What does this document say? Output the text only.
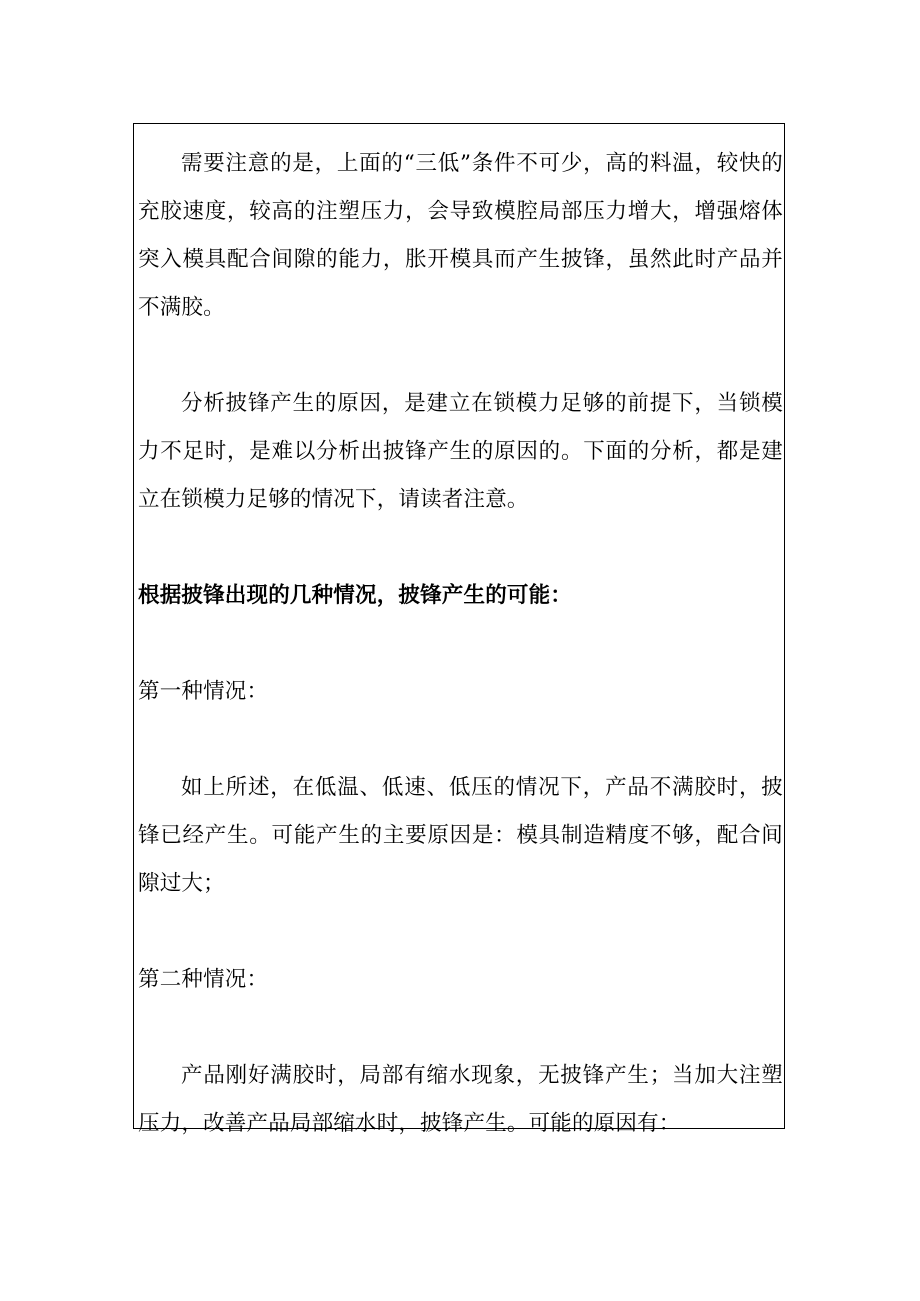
需要注意的是，上面的“三低”条件不可少，高的料温，较快的充胶速度，较高的注塑压力，会导致模腔局部压力增大，增强熔体突入模具配合间隙的能力，胀开模具而产生披锋，虽然此时产品并不满胶。

分析披锋产生的原因，是建立在锁模力足够的前提下，当锁模力不足时，是难以分析出披锋产生的原因的。下面的分析，都是建立在锁模力足够的情况下，请读者注意。

根据披锋出现的几种情况，披锋产生的可能：

第一种情况：

如上所述，在低温、低速、低压的情况下，产品不满胶时，披锋已经产生。可能产生的主要原因是：模具制造精度不够，配合间隙过大；

第二种情况：

产品刚好满胶时，局部有缩水现象，无披锋产生；当加大注塑压力，改善产品局部缩水时，披锋产生。可能的原因有：
